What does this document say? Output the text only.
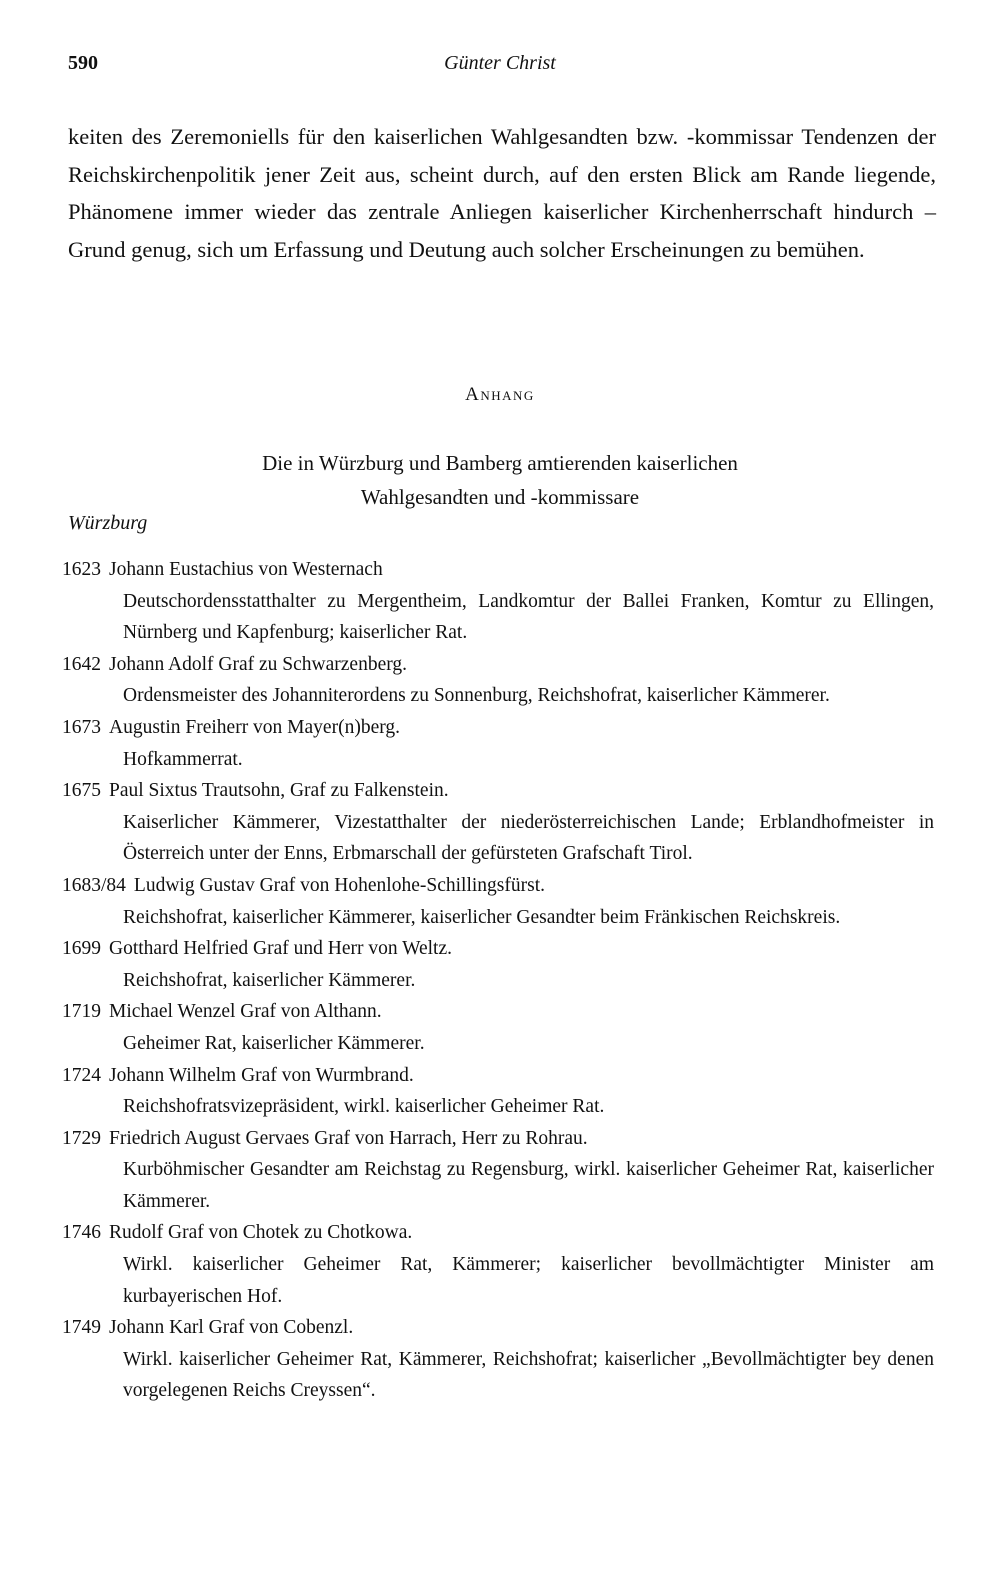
590	Günter Christ

keiten des Zeremoniells für den kaiserlichen Wahlgesandten bzw. -kommissar Tendenzen der Reichskirchenpolitik jener Zeit aus, scheint durch, auf den ersten Blick am Rande liegende, Phänomene immer wieder das zentrale Anliegen kaiserlicher Kirchenherrschaft hindurch – Grund genug, sich um Erfassung und Deutung auch solcher Erscheinungen zu bemühen.

Anhang
Die in Würzburg und Bamberg amtierenden kaiserlichen
Wahlgesandten und -kommissare
Würzburg
1623 Johann Eustachius von Westernach
Deutschordensstatthalter zu Mergentheim, Landkomtur der Ballei Franken, Komtur zu Ellingen, Nürnberg und Kapfenburg; kaiserlicher Rat.
1642 Johann Adolf Graf zu Schwarzenberg.
Ordensmeister des Johanniterordens zu Sonnenburg, Reichshofrat, kaiserlicher Kämmerer.
1673 Augustin Freiherr von Mayer(n)berg.
Hofkammerrat.
1675 Paul Sixtus Trautsohn, Graf zu Falkenstein.
Kaiserlicher Kämmerer, Vizestatthalter der niederösterreichischen Lande; Erblandhofmeister in Österreich unter der Enns, Erbmarschall der gefürsteten Grafschaft Tirol.
1683/84 Ludwig Gustav Graf von Hohenlohe-Schillingsfürst.
Reichshofrat, kaiserlicher Kämmerer, kaiserlicher Gesandter beim Fränkischen Reichskreis.
1699 Gotthard Helfried Graf und Herr von Weltz.
Reichshofrat, kaiserlicher Kämmerer.
1719 Michael Wenzel Graf von Althann.
Geheimer Rat, kaiserlicher Kämmerer.
1724 Johann Wilhelm Graf von Wurmbrand.
Reichshofratsvizepräsident, wirkl. kaiserlicher Geheimer Rat.
1729 Friedrich August Gervaes Graf von Harrach, Herr zu Rohrau.
Kurböhmischer Gesandter am Reichstag zu Regensburg, wirkl. kaiserlicher Geheimer Rat, kaiserlicher Kämmerer.
1746 Rudolf Graf von Chotek zu Chotkowa.
Wirkl. kaiserlicher Geheimer Rat, Kämmerer; kaiserlicher bevollmächtigter Minister am kurbayerischen Hof.
1749 Johann Karl Graf von Cobenzl.
Wirkl. kaiserlicher Geheimer Rat, Kämmerer, Reichshofrat; kaiserlicher „Bevollmächtigter bey denen vorgelegenen Reichs Creyssen“.
